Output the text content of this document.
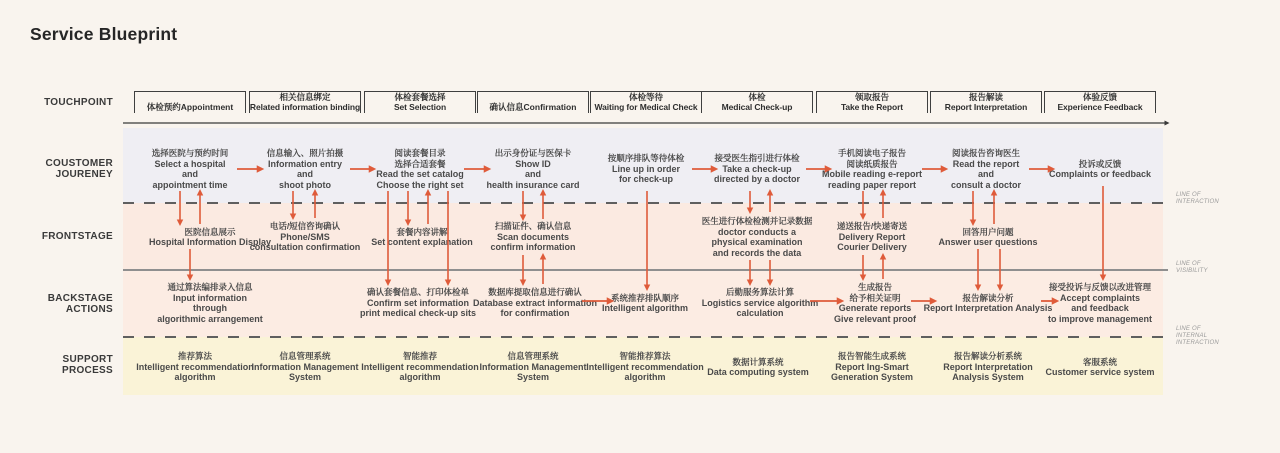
Service Blueprint
TOUCHPOINT
COUSTOMER
JOURENEY
FRONTSTAGE
BACKSTAGE
ACTIONS
SUPPORT
PROCESS
体检预约Appointment
相关信息绑定
Related information binding
体检套餐选择
Set Selection	确认信息Confirmation
体检等待
Waiting for Medical Check
体检
Medical Check-up
领取报告
Take the Report
报告解读
Report Interpretation
体验反馈
Experience Feedback
选择医院与预约时间
Select a hospital
and
appointment time
信息输入、照片拍摄
Information entry
and
shoot photo
阅读套餐目录
选择合适套餐
Read the set catalog
Choose the right set
出示身份证与医保卡
Show ID
and
health insurance card
按顺序排队等待体检
Line up in order
for check-up
接受医生指引进行体检
Take a check-up
directed by a doctor
手机阅读电子报告
阅读纸质报告
Mobile reading e-report
reading paper report
阅读报告咨询医生
Read the report
and
consult a doctor
投诉或反馈
Complaints or feedback
医院信息展示
Hospital Information Display
电话/短信咨询确认
Phone/SMS
consultation confirmation
套餐内容讲解
Set content explanation
扫描证件、确认信息
Scan documents
confirm information
医生进行体检检测并记录数据
doctor conducts a
physical examination
and records the data
递送报告/快递寄送
Delivery Report
Courier Delivery
回答用户问题
Answer user questions
通过算法编排录入信息
Input information
through
algorithmic arrangement
确认套餐信息、打印体检单
Confirm set information
print medical check-up sits
数据库提取信息进行确认
Database extract information
for confirmation
系统推荐排队顺序
Intelligent algorithm
后勤服务算法计算
Logistics service algorithm
calculation
生成报告
给予相关证明
Generate reports
Give relevant proof
报告解读分析
Report Interpretation Analysis
接受投诉与反馈以改进管理
Accept complaints
and feedback
to improve management
推荐算法
Intelligent recommendation
algorithm
信息管理系统
Information Management
System
智能推荐
Intelligent recommendation
algorithm
信息管理系统
Information Management
System
智能推荐算法
Intelligent recommendation
algorithm
数据计算系统
Data computing system
报告智能生成系统
Report Ing-Smart
Generation System
报告解读分析系统
Report Interpretation
Analysis System
客服系统
Customer service system
LINE OF
INTERACTION
LINE OF
VISIBILITY
LINE OF
INTERNAL
INTERACTION
